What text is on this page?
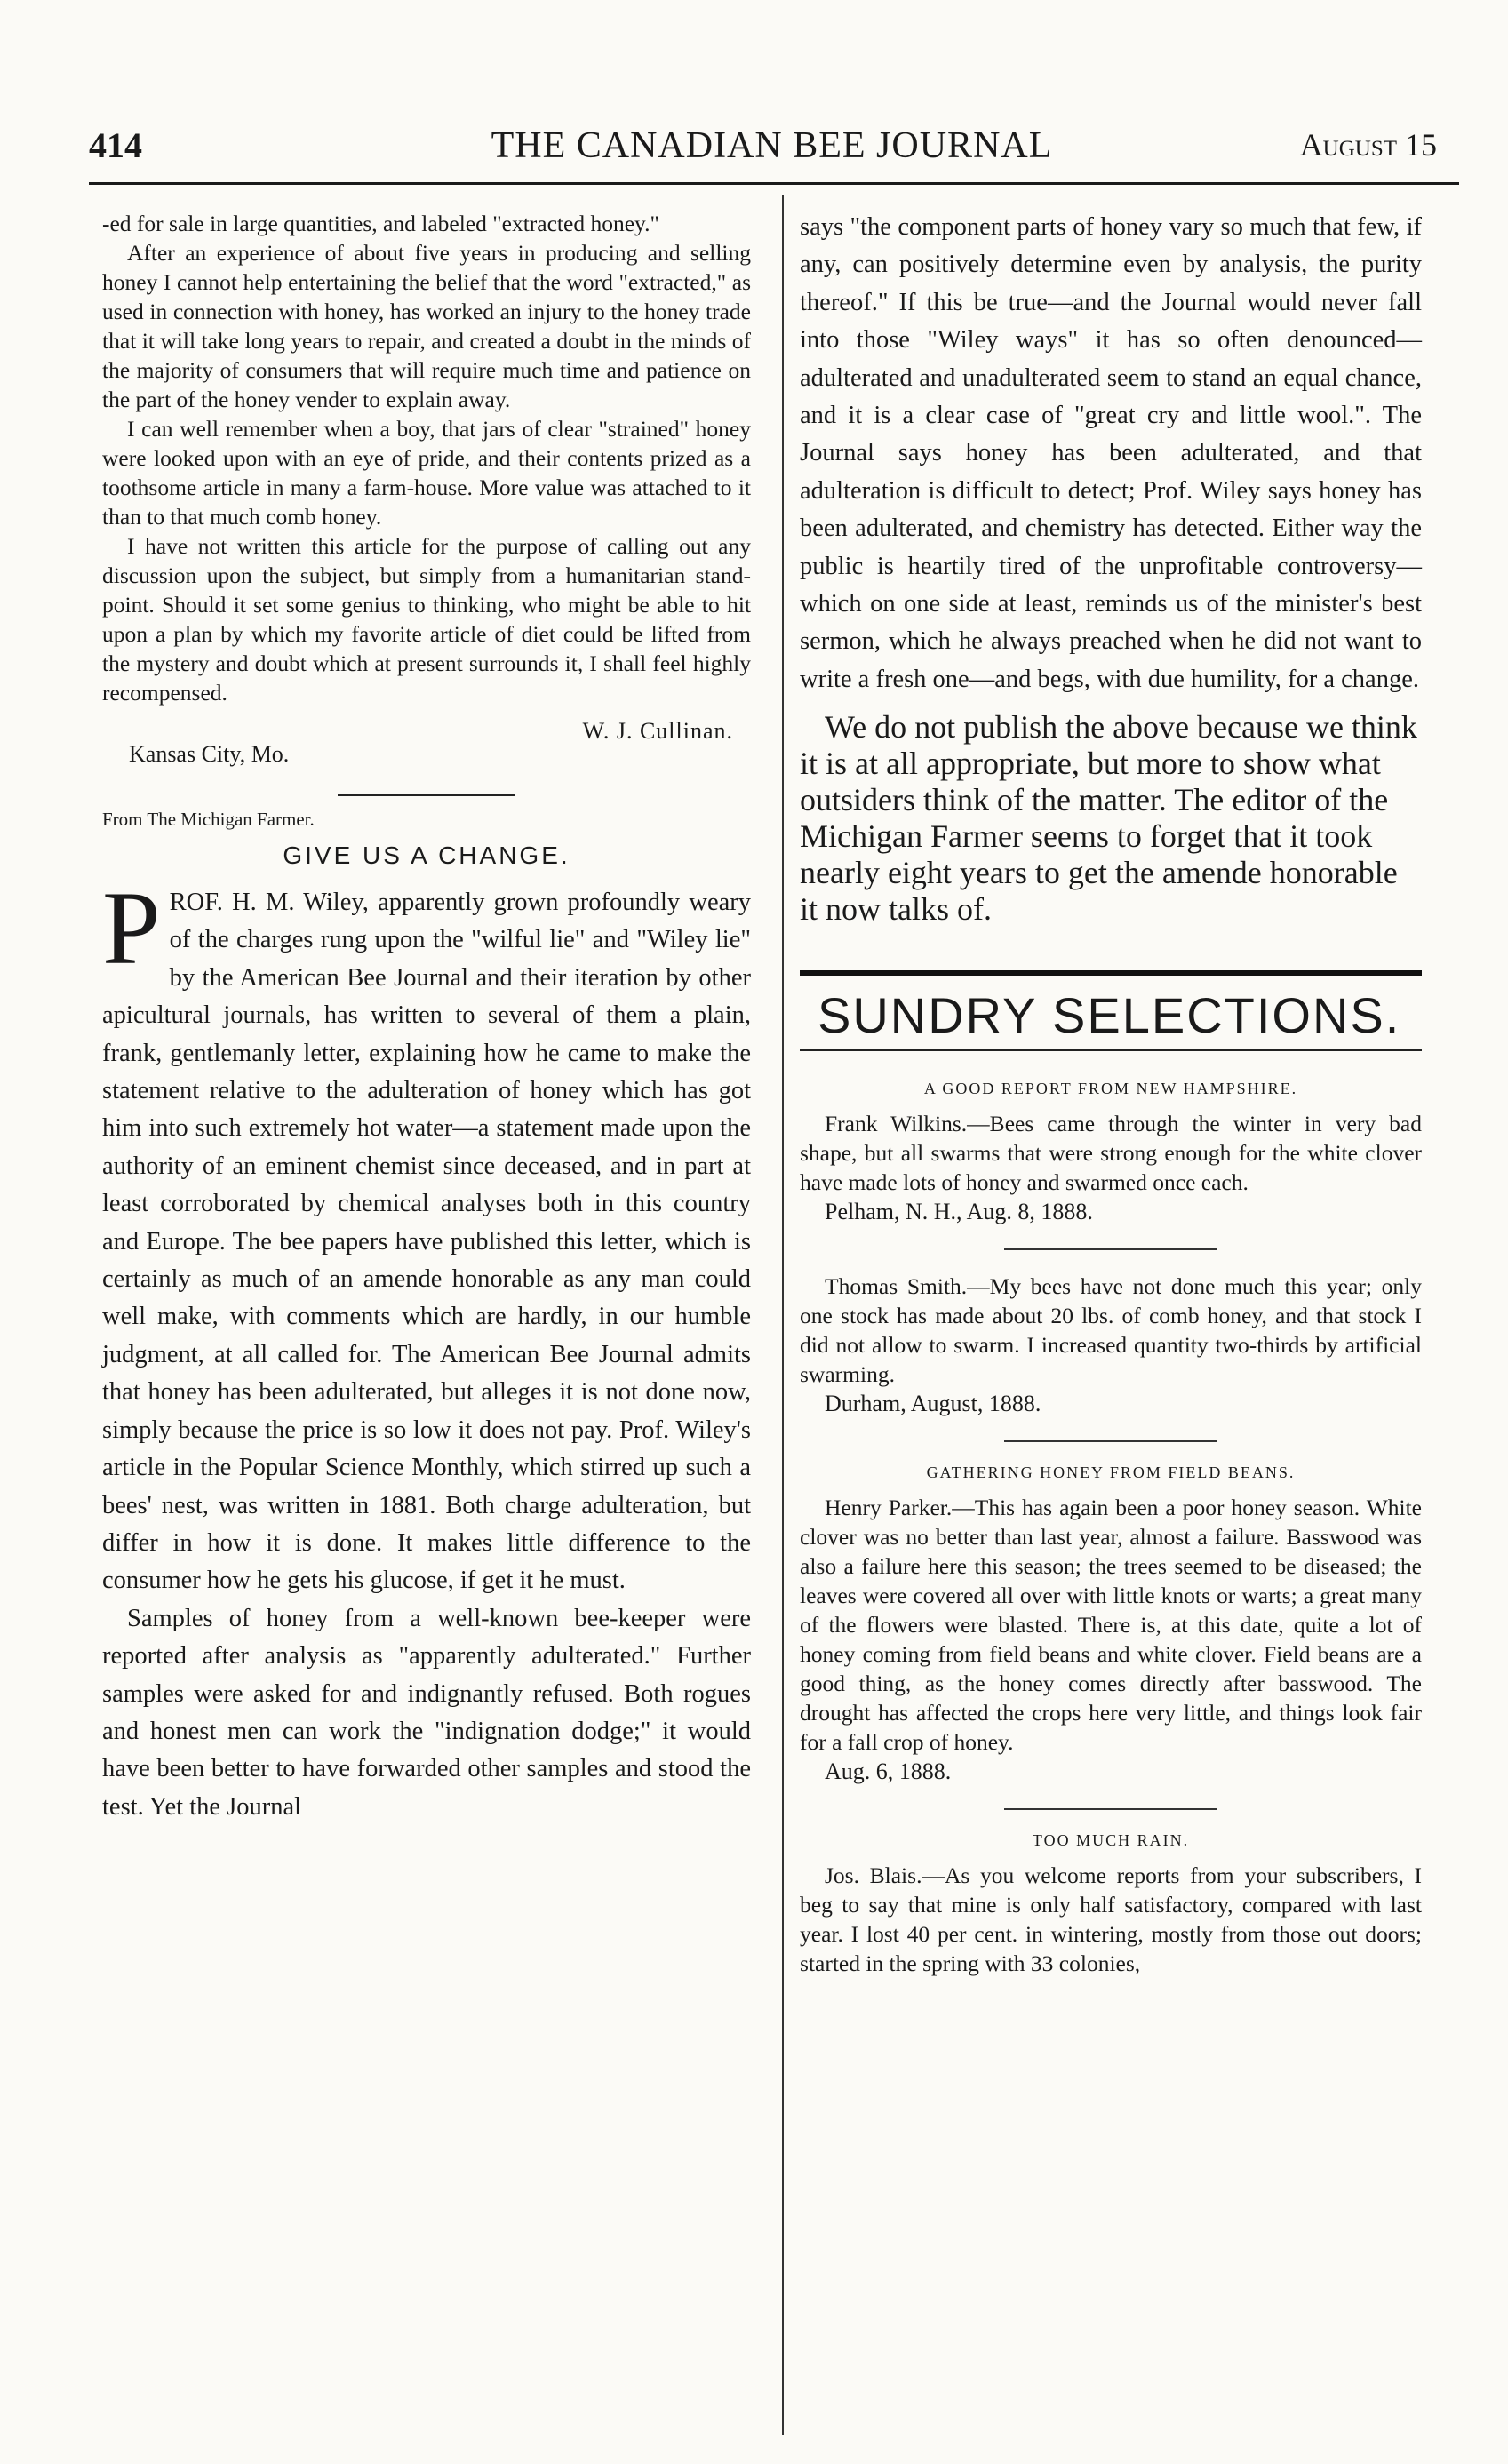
414	THE CANADIAN BEE JOURNAL	August 15

-ed for sale in large quantities, and labeled "extracted honey."

After an experience of about five years in producing and selling honey I cannot help entertaining the belief that the word "extracted," as used in connection with honey, has worked an injury to the honey trade that it will take long years to repair, and created a doubt in the minds of the majority of consumers that will require much time and patience on the part of the honey vender to explain away.

I can well remember when a boy, that jars of clear "strained" honey were looked upon with an eye of pride, and their contents prized as a toothsome article in many a farm-house. More value was attached to it than to that much comb honey.

I have not written this article for the purpose of calling out any discussion upon the subject, but simply from a humanitarian stand-point. Should it set some genius to thinking, who might be able to hit upon a plan by which my favorite article of diet could be lifted from the mystery and doubt which at present surrounds it, I shall feel highly recompensed.

W. J. Cullinan.
Kansas City, Mo.
From The Michigan Farmer.
GIVE US A CHANGE.

PROF. H. M. Wiley, apparently grown profoundly weary of the charges rung upon the "wilful lie" and "Wiley lie" by the American Bee Journal and their iteration by other apicultural journals, has written to several of them a plain, frank, gentlemanly letter, explaining how he came to make the statement relative to the adulteration of honey which has got him into such extremely hot water—a statement made upon the authority of an eminent chemist since deceased, and in part at least corroborated by chemical analyses both in this country and Europe. The bee papers have published this letter, which is certainly as much of an amende honorable as any man could well make, with comments which are hardly, in our humble judgment, at all called for. The American Bee Journal admits that honey has been adulterated, but alleges it is not done now, simply because the price is so low it does not pay. Prof. Wiley's article in the Popular Science Monthly, which stirred up such a bees' nest, was written in 1881. Both charge adulteration, but differ in how it is done. It makes little difference to the consumer how he gets his glucose, if get it he must.

Samples of honey from a well-known bee-keeper were reported after analysis as "apparently adulterated." Further samples were asked for and indignantly refused. Both rogues and honest men can work the "indignation dodge;" it would have been better to have forwarded other samples and stood the test. Yet the Journal

says "the component parts of honey vary so much that few, if any, can positively determine even by analysis, the purity thereof." If this be true—and the Journal would never fall into those "Wiley ways" it has so often denounced—adulterated and unadulterated seem to stand an equal chance, and it is a clear case of "great cry and little wool.". The Journal says honey has been adulterated, and that adulteration is difficult to detect; Prof. Wiley says honey has been adulterated, and chemistry has detected. Either way the public is heartily tired of the unprofitable controversy—which on one side at least, reminds us of the minister's best sermon, which he always preached when he did not want to write a fresh one—and begs, with due humility, for a change.

We do not publish the above because we think it is at all appropriate, but more to show what outsiders think of the matter. The editor of the Michigan Farmer seems to forget that it took nearly eight years to get the amende honorable it now talks of.

SUNDRY SELECTIONS.
A GOOD REPORT FROM NEW HAMPSHIRE.

Frank Wilkins.—Bees came through the winter in very bad shape, but all swarms that were strong enough for the white clover have made lots of honey and swarmed once each.

Pelham, N. H., Aug. 8, 1888.

Thomas Smith.—My bees have not done much this year; only one stock has made about 20 lbs. of comb honey, and that stock I did not allow to swarm. I increased quantity two-thirds by artificial swarming.

Durham, August, 1888.
GATHERING HONEY FROM FIELD BEANS.

Henry Parker.—This has again been a poor honey season. White clover was no better than last year, almost a failure. Basswood was also a failure here this season; the trees seemed to be diseased; the leaves were covered all over with little knots or warts; a great many of the flowers were blasted. There is, at this date, quite a lot of honey coming from field beans and white clover. Field beans are a good thing, as the honey comes directly after basswood. The drought has affected the crops here very little, and things look fair for a fall crop of honey.

Aug. 6, 1888.
TOO MUCH RAIN.

Jos. Blais.—As you welcome reports from your subscribers, I beg to say that mine is only half satisfactory, compared with last year. I lost 40 per cent. in wintering, mostly from those out doors; started in the spring with 33 colonies,
